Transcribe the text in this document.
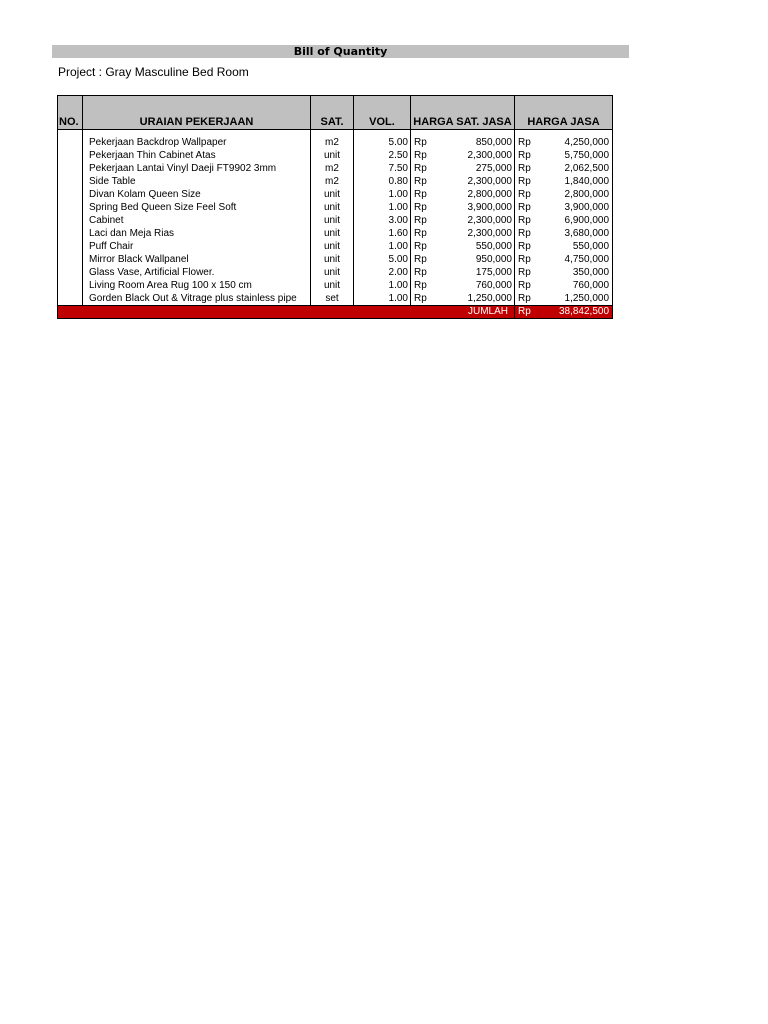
Bill of Quantity
Project : Gray Masculine Bed Room
NO.	URAIAN PEKERJAAN	SAT.	VOL.	HARGA SAT. JASA		HARGA JASA	

	Pekerjaan Backdrop Wallpaper	m2	5.00	Rp	850,000	Rp	4,250,000
	Pekerjaan Thin Cabinet Atas	unit	2.50	Rp	2,300,000	Rp	5,750,000
	Pekerjaan Lantai Vinyl Daeji FT9902 3mm	m2	7.50	Rp	275,000	Rp	2,062,500
	Side Table	m2	0.80	Rp	2,300,000	Rp	1,840,000
	Divan Kolam Queen Size	unit	1.00	Rp	2,800,000	Rp	2,800,000
	Spring Bed Queen Size Feel Soft	unit	1.00	Rp	3,900,000	Rp	3,900,000
	Cabinet	unit	3.00	Rp	2,300,000	Rp	6,900,000
	Laci dan Meja Rias	unit	1.60	Rp	2,300,000	Rp	3,680,000
	Puff Chair	unit	1.00	Rp	550,000	Rp	550,000
	Mirror Black Wallpanel	unit	5.00	Rp	950,000	Rp	4,750,000
	Glass Vase, Artificial Flower.	unit	2.00	Rp	175,000	Rp	350,000
	Living Room Area Rug 100 x 150 cm	unit	1.00	Rp	760,000	Rp	760,000
	Gorden Black Out & Vitrage plus stainless pipe	set	1.00	Rp	1,250,000	Rp	1,250,000
JUMLAH						Rp	38,842,500
